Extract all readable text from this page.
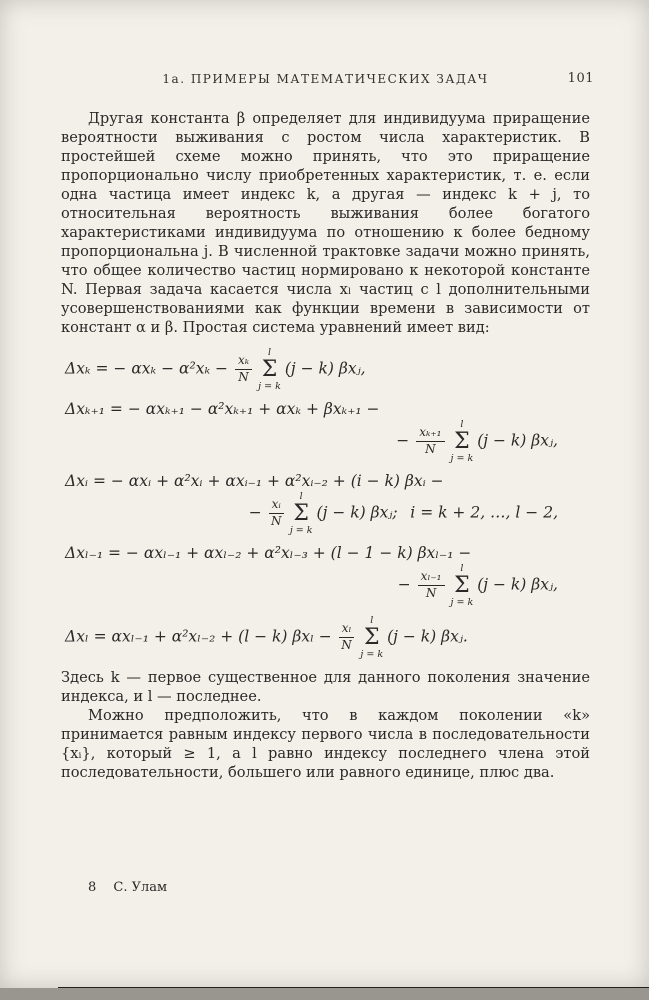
1а. ПРИМЕРЫ МАТЕМАТИЧЕСКИХ ЗАДАЧ	101
Другая константа β определяет для индивидуума приращение вероятности выживания с ростом числа характеристик. В простейшей схеме можно принять, что это приращение пропорционально числу приобретенных характеристик, т. е. если одна частица имеет индекс k, а другая — индекс k + j, то относительная вероятность выживания более богатого характеристиками индивидуума по отношению к более бедному пропорциональна j. В численной трактовке задачи можно принять, что общее количество частиц нормировано к некоторой константе N. Первая задача касается числа xₗ частиц с l дополнительными усовершенствованиями как функции времени в зависимости от констант α и β. Простая система уравнений имеет вид:
Δxₖ = − $\alpha x_k - \alpha^2x_k - \frac{\text{xₖ}}{N}$
l
Σ
j = k
(j − k) βxⱼ,
Δxₖ₊₁ = − αxₖ₊₁ − α²xₖ₊₁ + αxₖ + βxₖ₊₁ −
− $\frac{\text{xₖ₊₁}}{N}$
l
Σ
j = k
(j − k) βxⱼ,
Δxᵢ = − αxᵢ + α²xᵢ + αxᵢ₋₁ + α²xᵢ₋₂ + (i − k) βxᵢ −
− $\frac{\text{xᵢ}}{N}$
l
Σ
j = k
(j − k) βxⱼ;  i = k + 2, …, l − 2,
Δxₗ₋₁ = − αxₗ₋₁ + αxₗ₋₂ + α²xₗ₋₃ + (l − 1 − k) βxₗ₋₁ −
− $\frac{\text{xₗ₋₁}}{N}$
l
Σ
j = k
(j − k) βxⱼ,
Δxₗ = αxₗ₋₁ + α²xₗ₋₂ + (l − k) $\beta x_l - \frac{\text{xₗ}}{N}$
l
Σ
j = k
(j − k) βxⱼ.
Здесь k — первое существенное для данного поколения значение индекса, и l — последнее.
Можно предположить, что в каждом поколении «k» принимается равным индексу первого числа в последовательности {xᵢ}, который ≥ 1, а l равно индексу последнего члена этой последовательности, большего или равного единице, плюс два.
8 С. Улам
